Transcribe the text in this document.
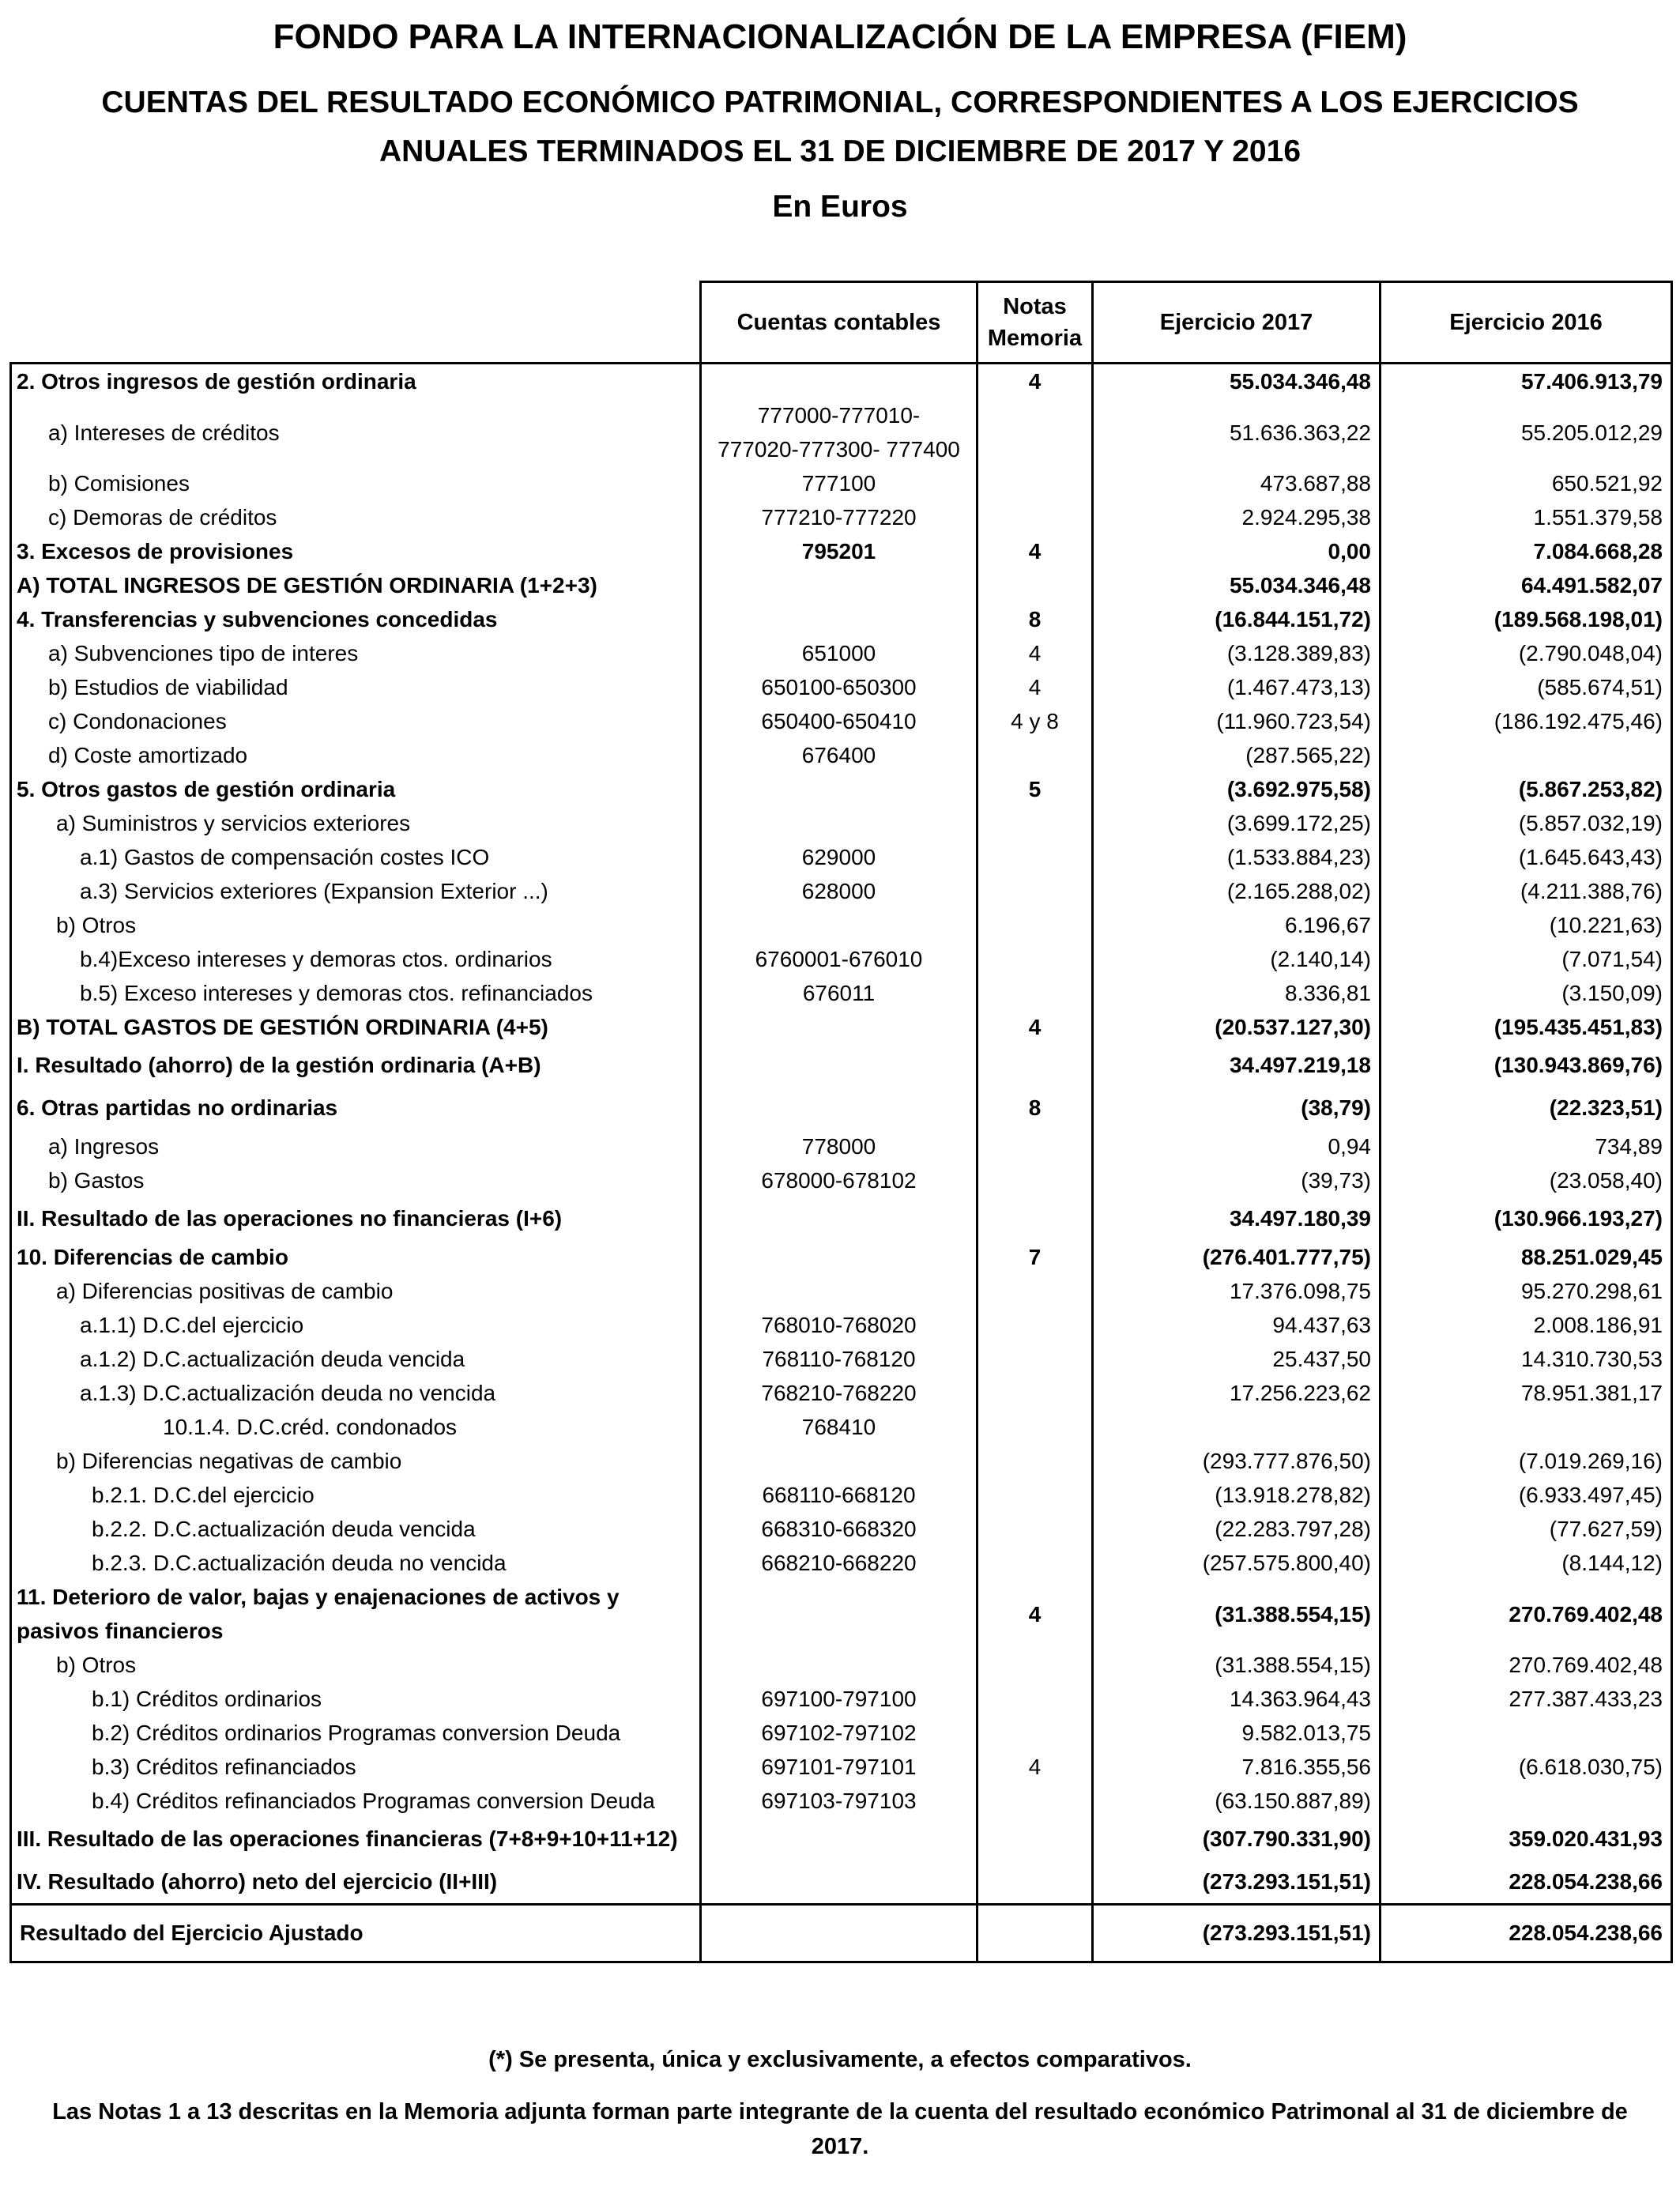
FONDO PARA LA INTERNACIONALIZACIÓN DE LA EMPRESA (FIEM)
CUENTAS DEL RESULTADO ECONÓMICO PATRIMONIAL, CORRESPONDIENTES A LOS EJERCICIOS
ANUALES TERMINADOS EL 31 DE DICIEMBRE DE 2017 Y 2016
En Euros
	Cuentas contables	Notas Memoria	Ejercicio 2017	Ejercicio 2016
2. Otros ingresos de gestión ordinaria		4	55.034.346,48	57.406.913,79
a) Intereses de créditos	777000-777010- 777020-777300- 777400		51.636.363,22	55.205.012,29
b) Comisiones	777100		473.687,88	650.521,92
c) Demoras de créditos	777210-777220		2.924.295,38	1.551.379,58
3. Excesos de provisiones	795201	4	0,00	7.084.668,28
A) TOTAL INGRESOS DE GESTIÓN ORDINARIA (1+2+3)			55.034.346,48	64.491.582,07
4. Transferencias y subvenciones concedidas		8	(16.844.151,72)	(189.568.198,01)
a) Subvenciones tipo de interes	651000	4	(3.128.389,83)	(2.790.048,04)
b) Estudios de viabilidad	650100-650300	4	(1.467.473,13)	(585.674,51)
c) Condonaciones	650400-650410	4 y 8	(11.960.723,54)	(186.192.475,46)
d) Coste amortizado	676400		(287.565,22)	
5. Otros gastos de gestión ordinaria		5	(3.692.975,58)	(5.867.253,82)
a) Suministros y servicios exteriores			(3.699.172,25)	(5.857.032,19)
a.1) Gastos de compensación costes ICO	629000		(1.533.884,23)	(1.645.643,43)
a.3) Servicios exteriores (Expansion Exterior ...)	628000		(2.165.288,02)	(4.211.388,76)
b) Otros			6.196,67	(10.221,63)
b.4)Exceso intereses y demoras ctos. ordinarios	6760001-676010		(2.140,14)	(7.071,54)
b.5) Exceso intereses y demoras ctos. refinanciados	676011		8.336,81	(3.150,09)
B) TOTAL GASTOS DE GESTIÓN ORDINARIA (4+5)		4	(20.537.127,30)	(195.435.451,83)
I. Resultado (ahorro) de la gestión ordinaria (A+B)			34.497.219,18	(130.943.869,76)
6. Otras partidas no ordinarias		8	(38,79)	(22.323,51)
a) Ingresos	778000		0,94	734,89
b) Gastos	678000-678102		(39,73)	(23.058,40)
II. Resultado de las operaciones no financieras (I+6)			34.497.180,39	(130.966.193,27)
10. Diferencias de cambio		7	(276.401.777,75)	88.251.029,45
a) Diferencias positivas de cambio			17.376.098,75	95.270.298,61
a.1.1) D.C.del ejercicio	768010-768020		94.437,63	2.008.186,91
a.1.2) D.C.actualización deuda vencida	768110-768120		25.437,50	14.310.730,53
a.1.3) D.C.actualización deuda no vencida	768210-768220		17.256.223,62	78.951.381,17
10.1.4. D.C.créd. condonados	768410			
b) Diferencias negativas de cambio			(293.777.876,50)	(7.019.269,16)
b.2.1. D.C.del ejercicio	668110-668120		(13.918.278,82)	(6.933.497,45)
b.2.2. D.C.actualización deuda vencida	668310-668320		(22.283.797,28)	(77.627,59)
b.2.3. D.C.actualización deuda no vencida	668210-668220		(257.575.800,40)	(8.144,12)
11. Deterioro de valor, bajas y enajenaciones de activos y pasivos financieros		4	(31.388.554,15)	270.769.402,48
b) Otros			(31.388.554,15)	270.769.402,48
b.1) Créditos ordinarios	697100-797100		14.363.964,43	277.387.433,23
b.2) Créditos ordinarios Programas conversion Deuda	697102-797102		9.582.013,75	
b.3) Créditos refinanciados	697101-797101	4	7.816.355,56	(6.618.030,75)
b.4) Créditos refinanciados Programas conversion Deuda	697103-797103		(63.150.887,89)	
III. Resultado de las operaciones financieras (7+8+9+10+11+12)			(307.790.331,90)	359.020.431,93
IV. Resultado (ahorro) neto del ejercicio (II+III)			(273.293.151,51)	228.054.238,66
Resultado del Ejercicio Ajustado			(273.293.151,51)	228.054.238,66
(*) Se presenta, única y exclusivamente, a efectos comparativos.
Las Notas 1 a 13 descritas en la Memoria adjunta forman parte integrante de la cuenta del resultado económico Patrimonal al 31 de diciembre de 2017.
